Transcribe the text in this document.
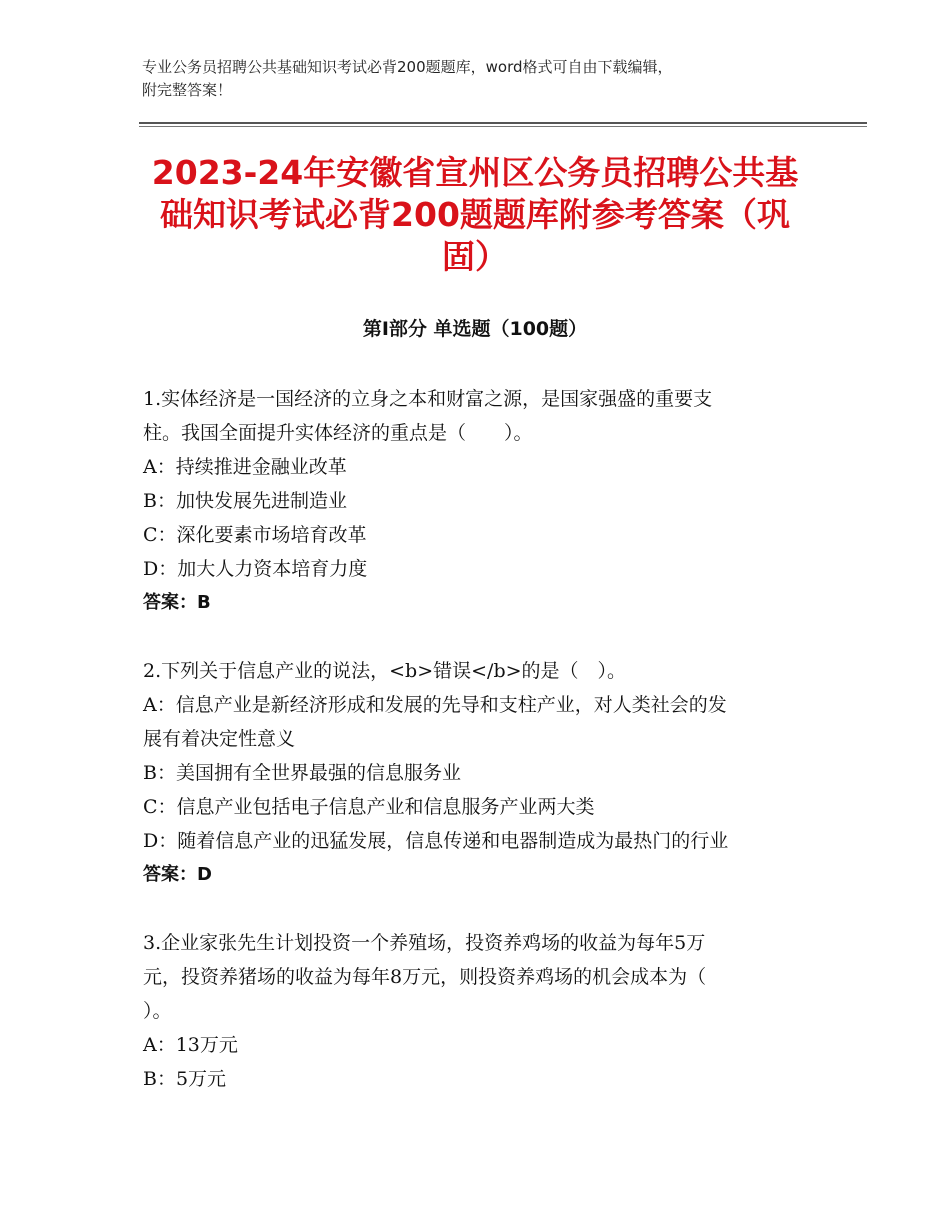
专业公务员招聘公共基础知识考试必背200题题库，word格式可自由下载编辑，
附完整答案！
2023-24年安徽省宣州区公务员招聘公共基
础知识考试必背200题题库附参考答案（巩
固）
第Ⅰ部分 单选题（100题）

1.实体经济是一国经济的立身之本和财富之源，是国家强盛的重要支

柱。我国全面提升实体经济的重点是（　　）。

A：持续推进金融业改革

B：加快发展先进制造业

C：深化要素市场培育改革

D：加大人力资本培育力度

答案：B

2.下列关于信息产业的说法，<b>错误</b>的是（　）。

A：信息产业是新经济形成和发展的先导和支柱产业，对人类社会的发

展有着决定性意义

B：美国拥有全世界最强的信息服务业

C：信息产业包括电子信息产业和信息服务产业两大类

D：随着信息产业的迅猛发展，信息传递和电器制造成为最热门的行业

答案：D

3.企业家张先生计划投资一个养殖场，投资养鸡场的收益为每年5万

元，投资养猪场的收益为每年8万元，则投资养鸡场的机会成本为（

）。

A：13万元

B：5万元
